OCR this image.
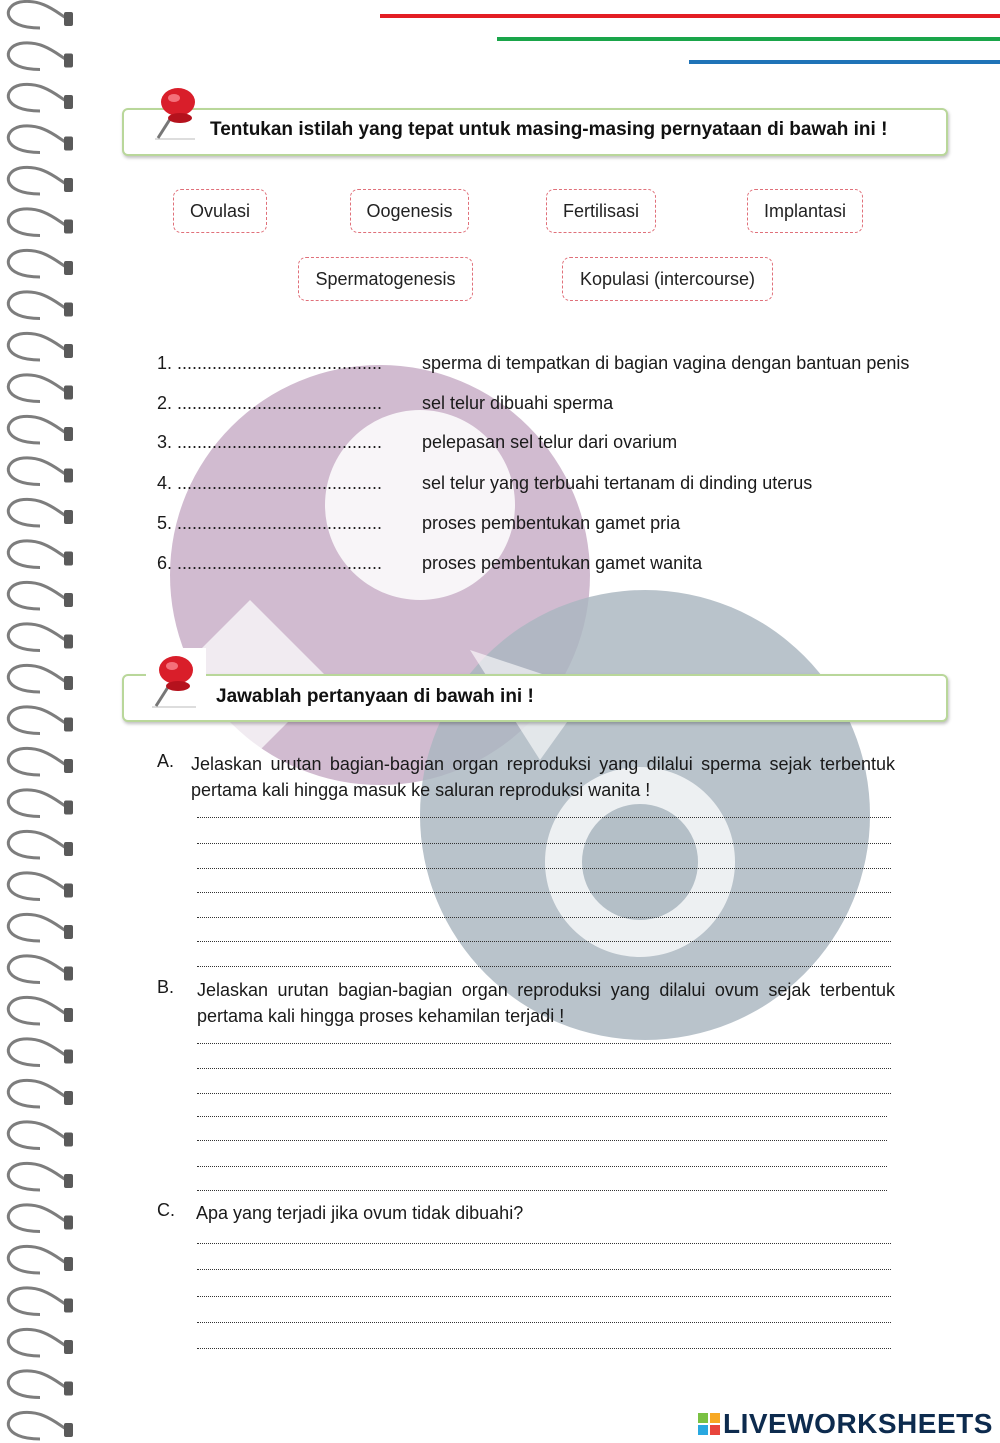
Tentukan istilah yang tepat untuk masing-masing pernyataan di bawah ini !
Ovulasi	Oogenesis	Fertilisasi	Implantasi
Spermatogenesis	Kopulasi (intercourse)
1. ......................................... sperma di tempatkan di bagian vagina dengan bantuan penis
2. ......................................... sel telur dibuahi sperma
3. ......................................... pelepasan sel telur dari ovarium
4. ......................................... sel telur yang terbuahi tertanam di dinding uterus
5. ......................................... proses pembentukan gamet pria
6. ......................................... proses pembentukan gamet wanita
Jawablah pertanyaan di bawah ini !
A. Jelaskan urutan bagian-bagian organ reproduksi yang dilalui sperma sejak terbentuk pertama kali hingga masuk ke saluran reproduksi wanita !
B. Jelaskan urutan bagian-bagian organ reproduksi yang dilalui ovum sejak terbentuk pertama kali hingga proses kehamilan terjadi !
C. Apa yang terjadi jika ovum tidak dibuahi?
LIVEWORKSHEETS
